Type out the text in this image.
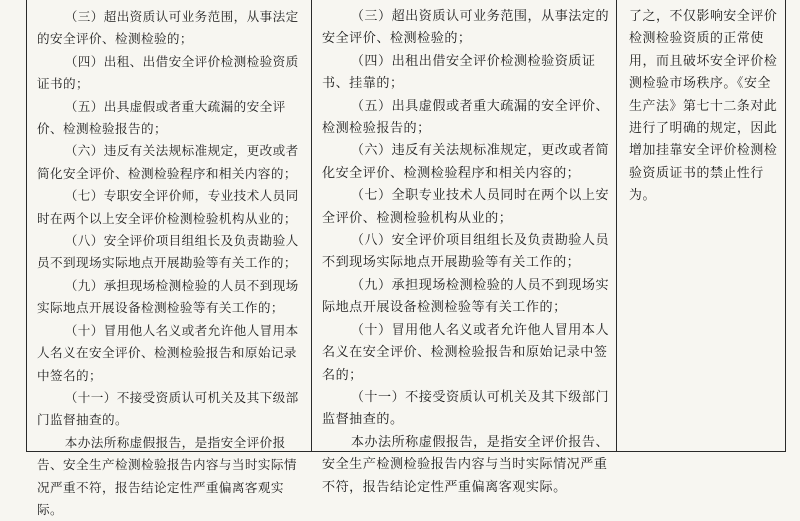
（三）超出资质认可业务范围，从事法定的安全评价、检测检验的；

（四）出租、出借安全评价检测检验资质证书的；

（五）出具虚假或者重大疏漏的安全评价、检测检验报告的；

（六）违反有关法规标准规定，更改或者简化安全评价、检测检验程序和相关内容的；

（七）专职安全评价师，专业技术人员同时在两个以上安全评价检测检验机构从业的；

（八）安全评价项目组组长及负责勘验人员不到现场实际地点开展勘验等有关工作的；

（九）承担现场检测检验的人员不到现场实际地点开展设备检测检验等有关工作的；

（十）冒用他人名义或者允许他人冒用本人名义在安全评价、检测检验报告和原始记录中签名的；

（十一）不接受资质认可机关及其下级部门监督抽查的。

本办法所称虚假报告，是指安全评价报告、安全生产检测检验报告内容与当时实际情况严重不符，报告结论定性严重偏离客观实际。

（三）超出资质认可业务范围，从事法定的安全评价、检测检验的；

（四）出租出借安全评价检测检验资质证书、挂靠的；

（五）出具虚假或者重大疏漏的安全评价、检测检验报告的；

（六）违反有关法规标准规定，更改或者简化安全评价、检测检验程序和相关内容的；

（七）全职专业技术人员同时在两个以上安全评价、检测检验机构从业的；

（八）安全评价项目组组长及负责勘验人员不到现场实际地点开展勘验等有关工作的；

（九）承担现场检测检验的人员不到现场实际地点开展设备检测检验等有关工作的；

（十）冒用他人名义或者允许他人冒用本人名义在安全评价、检测检验报告和原始记录中签名的；

（十一）不接受资质认可机关及其下级部门监督抽查的。

本办法所称虚假报告，是指安全评价报告、安全生产检测检验报告内容与当时实际情况严重不符，报告结论定性严重偏离客观实际。

了之，不仅影响安全评价检测检验资质的正常使用，而且破坏安全评价检测检验市场秩序。《安全生产法》第七十二条对此进行了明确的规定，因此增加挂靠安全评价检测检验资质证书的禁止性行为。
